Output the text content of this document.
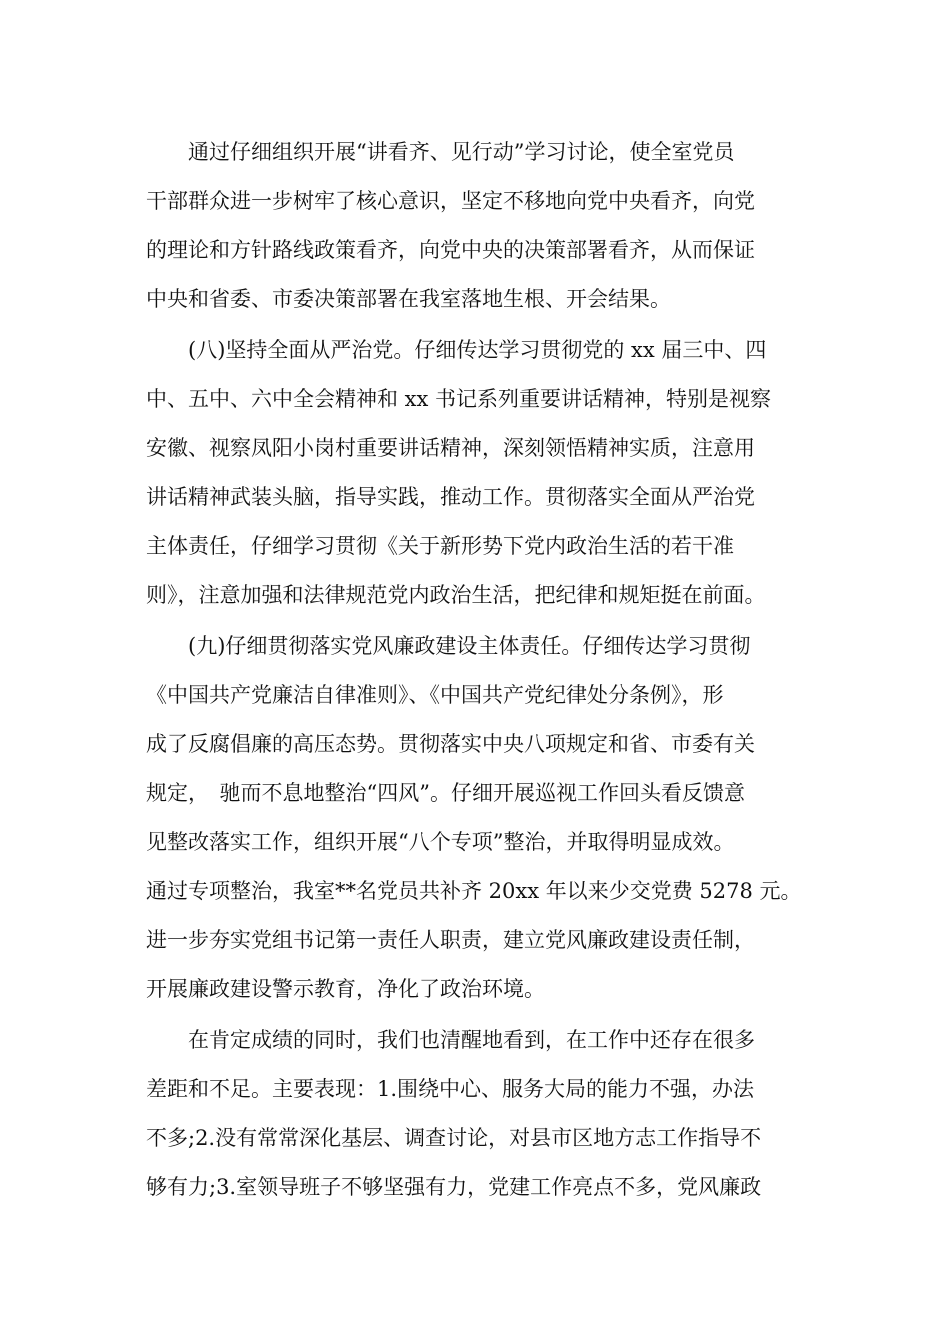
　　通过仔细组织开展“讲看齐、见行动”学习讨论，使全室党员
干部群众进一步树牢了核心意识，坚定不移地向党中央看齐，向党
的理论和方针路线政策看齐，向党中央的决策部署看齐，从而保证
中央和省委、市委决策部署在我室落地生根、开会结果。
　　(八)坚持全面从严治党。仔细传达学习贯彻党的 xx 届三中、四
中、五中、六中全会精神和 xx 书记系列重要讲话精神，特别是视察
安徽、视察凤阳小岗村重要讲话精神，深刻领悟精神实质，注意用
讲话精神武装头脑，指导实践，推动工作。贯彻落实全面从严治党
主体责任，仔细学习贯彻《关于新形势下党内政治生活的若干准
则》，注意加强和法律规范党内政治生活，把纪律和规矩挺在前面。
　　(九)仔细贯彻落实党风廉政建设主体责任。仔细传达学习贯彻
《中国共产党廉洁自律准则》、《中国共产党纪律处分条例》，形
成了反腐倡廉的高压态势。贯彻落实中央八项规定和省、市委有关
规定，　驰而不息地整治“四风”。仔细开展巡视工作回头看反馈意
见整改落实工作，组织开展“八个专项”整治，并取得明显成效。
通过专项整治，我室**名党员共补齐 20xx 年以来少交党费 5278 元。
进一步夯实党组书记第一责任人职责，建立党风廉政建设责任制，
开展廉政建设警示教育，净化了政治环境。
　　在肯定成绩的同时，我们也清醒地看到，在工作中还存在很多
差距和不足。主要表现：1.围绕中心、服务大局的能力不强，办法
不多;2.没有常常深化基层、调查讨论，对县市区地方志工作指导不
够有力;3.室领导班子不够坚强有力，党建工作亮点不多，党风廉政
